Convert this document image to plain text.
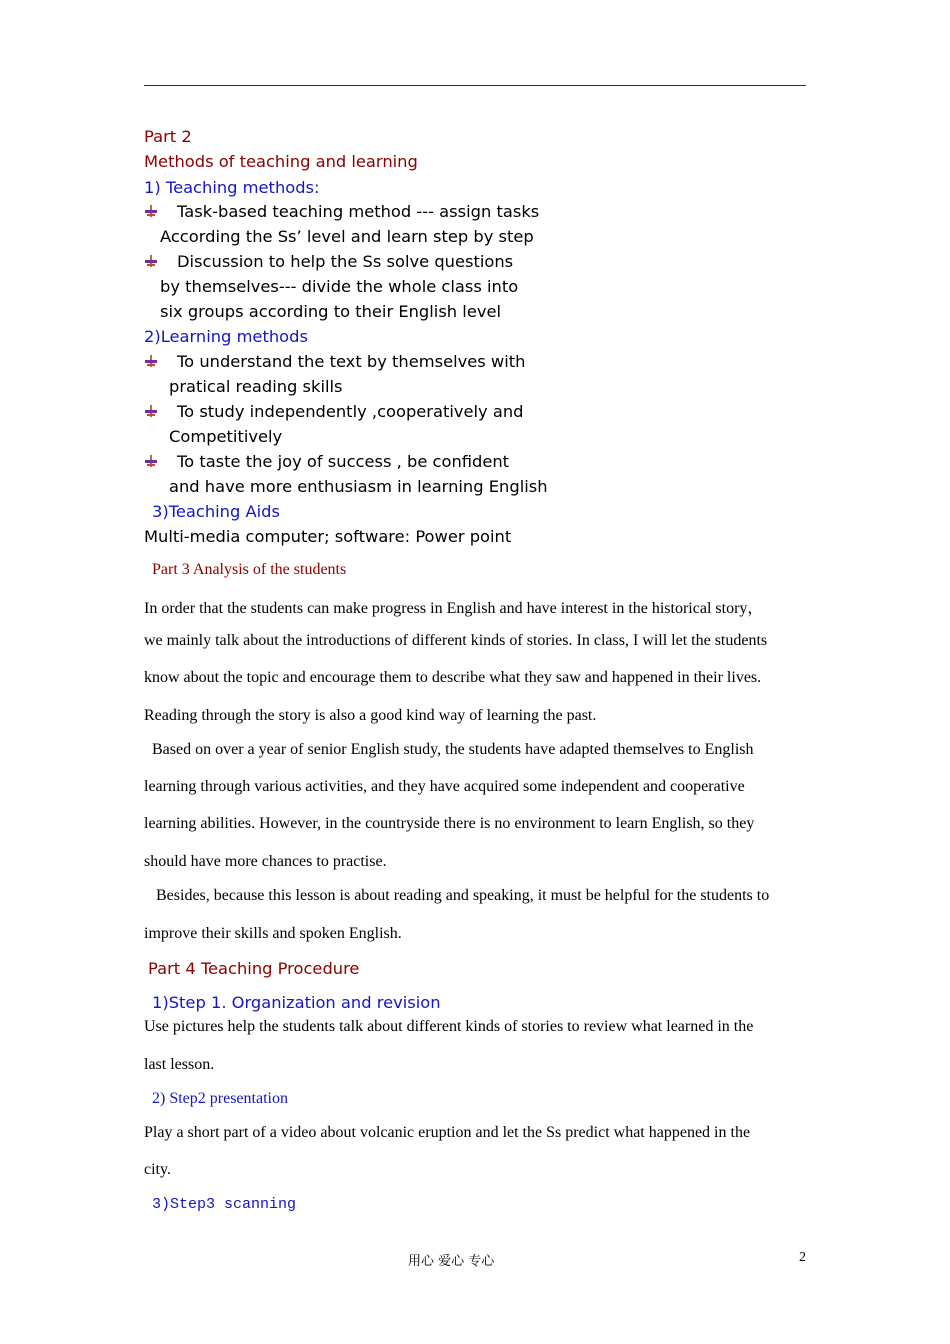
Part 2
Methods of teaching and learning
1) Teaching methods:
Task-based teaching method --- assign tasks
According the Ss’ level and learn step by step
Discussion to help the Ss solve questions
by themselves--- divide the whole class into
six groups according to their English level
2)Learning methods
To understand the text by themselves with
pratical reading skills
To study independently ,cooperatively and
Competitively
To taste the joy of success , be confident
and have more enthusiasm in learning English
3)Teaching Aids
Multi-media computer; software: Power point
Part 3 Analysis of the students
In order that the students can make progress in English and have interest in the historical story，
we mainly talk about the introductions of different kinds of stories. In class, I will let the students
know about the topic and encourage them to describe what they saw and happened in their lives.
Reading through the story is also a good kind way of learning the past.
Based on over a year of senior English study, the students have adapted themselves to English
learning through various activities, and they have acquired some independent and cooperative
learning abilities. However, in the countryside there is no environment to learn English, so they
should have more chances to practise.
Besides, because this lesson is about reading and speaking, it must be helpful for the students to
improve their skills and spoken English.
Part 4 Teaching Procedure
1)Step 1. Organization and revision
Use pictures help the students talk about different kinds of stories to review what learned in the
last lesson.
2) Step2 presentation
Play a short part of a video about volcanic eruption and let the Ss predict what happened in the
city.
3)Step3 scanning
用心 爱心 专心	2
